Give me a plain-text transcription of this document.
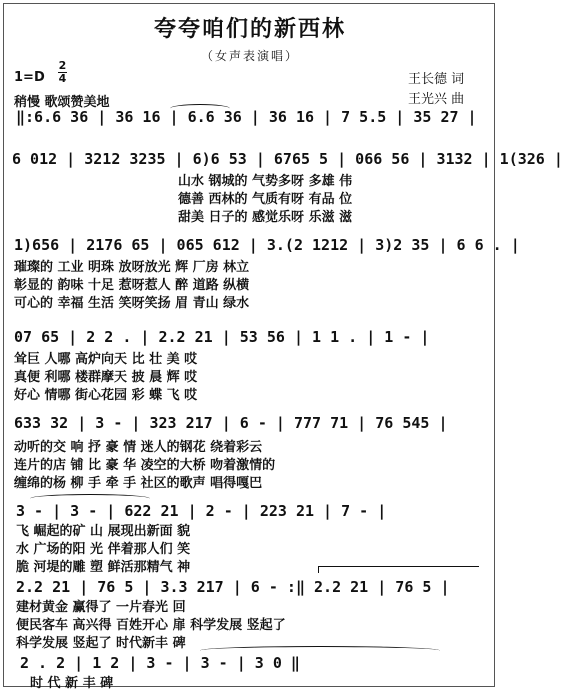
夸夸咱们的新西林
（女声表演唱）
1=D
2
4
稍慢 歌颂赞美地
王长德 词
王光兴 曲
‖:6.6 36 | 36 16 | 6.6 36 | 36 16 | 7 5.5 | 35 27 |
6 012 | 3212 3235 | 6)6 53 | 6765 5 | 066 56 | 3132 | 1(326 |
山水 钢城的 气势多呀 多雄 伟
德善 西林的 气质有呀 有品 位
甜美 日子的 感觉乐呀 乐滋 滋
1)656 | 2176 65 | 065 612 | 3.(2 1212 | 3)2 35 | 6 6 . |
璀璨的 工业 明珠 放呀放光 辉 厂房 林立
彰显的 韵味 十足 惹呀惹人 醉 道路 纵横
可心的 幸福 生活 笑呀笑扬 眉 青山 绿水
07 65 | 2 2 . | 2.2 21 | 53 56 | 1 1 . | 1 - |
耸巨 人哪 高炉向天 比 壮 美 哎
真便 利哪 楼群摩天 披 晨 辉 哎
好心 情哪 街心花园 彩 蝶 飞 哎
633 32 | 3 - | 323 217 | 6 - | 777 71 | 76 545 |
动听的交 响 抒 豪 情 迷人的钢花 绕着彩云
连片的店 铺 比 豪 华 凌空的大桥 吻着激情的
缠绵的杨 柳 手 牵 手 社区的歌声 唱得嘎巴
3 - | 3 - | 622 21 | 2 - | 223 21 | 7 - |
飞 崛起的矿 山 展现出新面 貌
水 广场的阳 光 伴着那人们 笑
脆 河堤的雕 塑 鲜活那精气 神
2.2 21 | 76 5 | 3.3 217 | 6 - :‖ 2.2 21 | 76 5 |
建材黄金 赢得了 一片春光 回
便民客车 高兴得 百姓开心 扉 科学发展 竖起了
科学发展 竖起了 时代新丰 碑
2 . 2 | 1 2 | 3 - | 3 - | 3 0 ‖
时 代 新 丰 碑
